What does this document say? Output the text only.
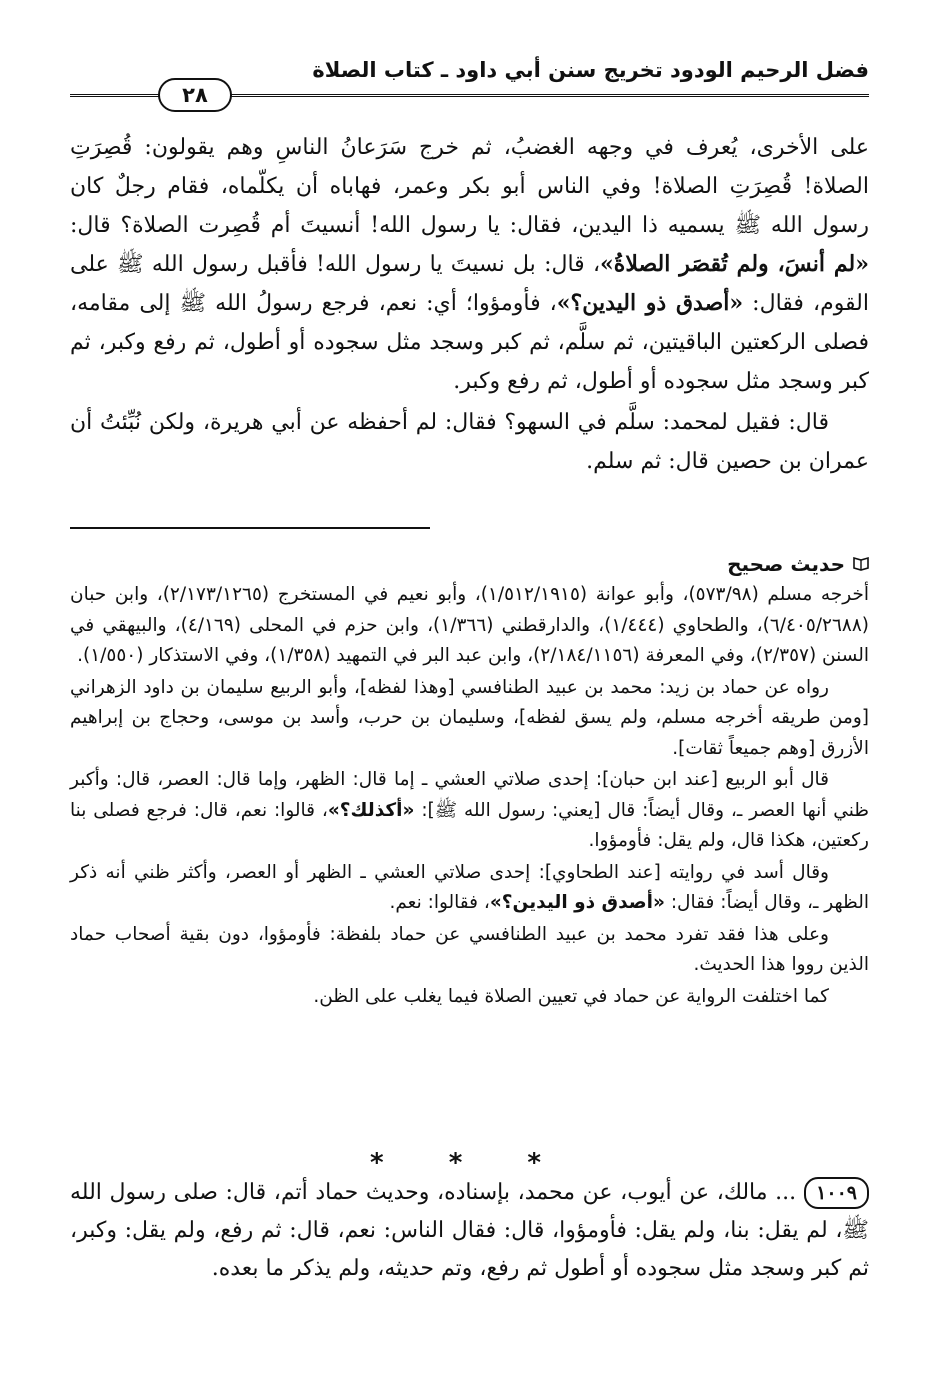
فضل الرحيم الودود تخريج سنن أبي داود ـ كتاب الصلاة
٢٨

على الأخرى، يُعرف في وجهه الغضبُ، ثم خرج سَرَعانُ الناسِ وهم يقولون: قُصِرَتِ الصلاة! قُصِرَتِ الصلاة! وفي الناس أبو بكر وعمر، فهاباه أن يكلّماه، فقام رجلٌ كان رسول الله ﷺ يسميه ذا اليدين، فقال: يا رسول الله! أنسيتَ أم قُصِرت الصلاة؟ قال: «لم أنسَ، ولم تُقصَر الصلاةُ»، قال: بل نسيتَ يا رسول الله! فأقبل رسول الله ﷺ على القوم، فقال: «أصدق ذو اليدين؟»، فأومؤوا؛ أي: نعم، فرجع رسولُ الله ﷺ إلى مقامه، فصلى الركعتين الباقيتين، ثم سلَّم، ثم كبر وسجد مثل سجوده أو أطول، ثم رفع وكبر، ثم كبر وسجد مثل سجوده أو أطول، ثم رفع وكبر.

قال: فقيل لمحمد: سلَّم في السهو؟ فقال: لم أحفظه عن أبي هريرة، ولكن نُبِّئتُ أن عمران بن حصين قال: ثم سلم.

حديث صحيح

أخرجه مسلم (٥٧٣/٩٨)، وأبو عوانة (١/٥١٢/١٩١٥)، وأبو نعيم في المستخرج (٢/١٧٣/١٢٦٥)، وابن حبان (٦/٤٠٥/٢٦٨٨)، والطحاوي (١/٤٤٤)، والدارقطني (١/٣٦٦)، وابن حزم في المحلى (٤/١٦٩)، والبيهقي في السنن (٢/٣٥٧)، وفي المعرفة (٢/١٨٤/١١٥٦)، وابن عبد البر في التمهيد (١/٣٥٨)، وفي الاستذكار (١/٥٥٠).

رواه عن حماد بن زيد: محمد بن عبيد الطنافسي [وهذا لفظه]، وأبو الربيع سليمان بن داود الزهراني [ومن طريقه أخرجه مسلم، ولم يسق لفظه]، وسليمان بن حرب، وأسد بن موسى، وحجاج بن إبراهيم الأزرق [وهم جميعاً ثقات].

قال أبو الربيع [عند ابن حبان]: إحدى صلاتي العشي ـ إما قال: الظهر، وإما قال: العصر، قال: وأكبر ظني أنها العصر ـ، وقال أيضاً: قال [يعني: رسول الله ﷺ]: «أكذلك؟»، قالوا: نعم، قال: فرجع فصلى بنا ركعتين، هكذا قال، ولم يقل: فأومؤوا.

وقال أسد في روايته [عند الطحاوي]: إحدى صلاتي العشي ـ الظهر أو العصر، وأكثر ظني أنه ذكر الظهر ـ، وقال أيضاً: فقال: «أصدق ذو اليدين؟»، فقالوا: نعم.

وعلى هذا فقد تفرد محمد بن عبيد الطنافسي عن حماد بلفظة: فأومؤوا، دون بقية أصحاب حماد الذين رووا هذا الحديث.

كما اختلفت الرواية عن حماد في تعيين الصلاة فيما يغلب على الظن.

* * *

١٠٠٩... مالك، عن أيوب، عن محمد، بإسناده، وحديث حماد أتم، قال: صلى رسول الله ﷺ، لم يقل: بنا، ولم يقل: فأومؤوا، قال: فقال الناس: نعم، قال: ثم رفع، ولم يقل: وكبر، ثم كبر وسجد مثل سجوده أو أطول ثم رفع، وتم حديثه، ولم يذكر ما بعده.
